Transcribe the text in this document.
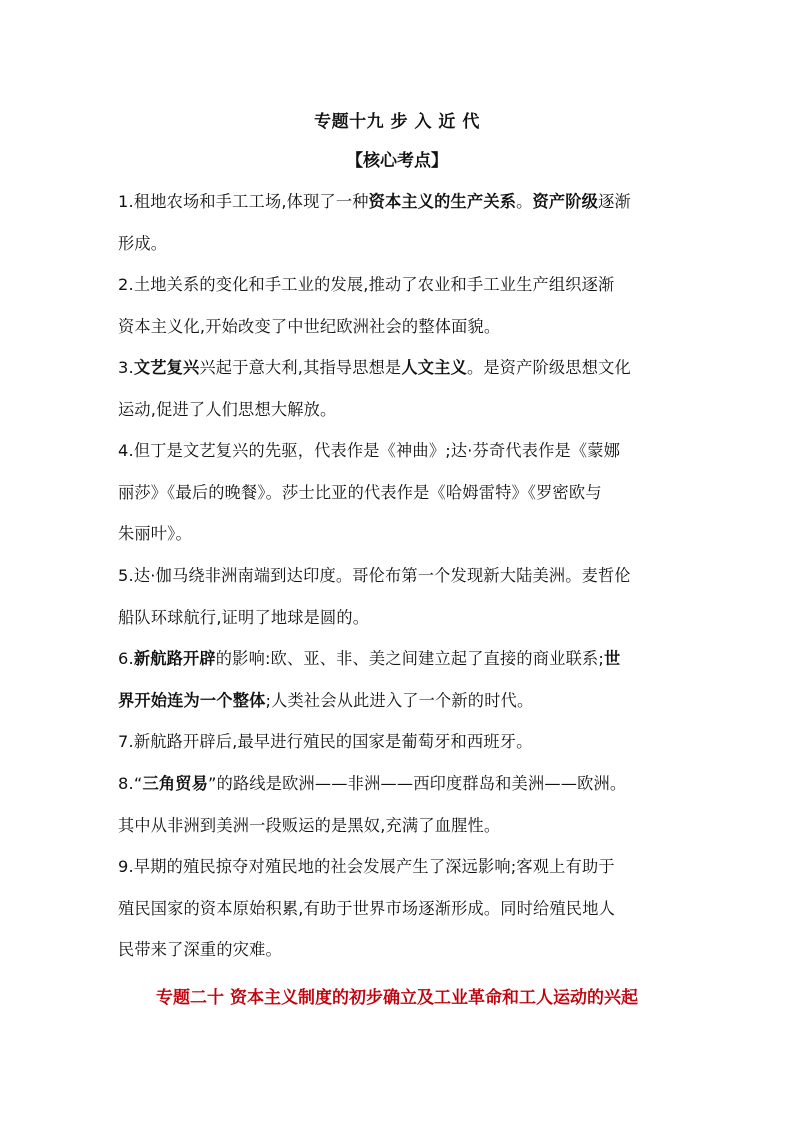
专题十九 步 入 近 代
【核心考点】
1.租地农场和手工工场,体现了一种资本主义的生产关系。资产阶级逐渐
形成。
2.土地关系的变化和手工业的发展,推动了农业和手工业生产组织逐渐
资本主义化,开始改变了中世纪欧洲社会的整体面貌。
3.文艺复兴兴起于意大利,其指导思想是人文主义。是资产阶级思想文化
运动,促进了人们思想大解放。
4.但丁是文艺复兴的先驱，代表作是《神曲》;达·芬奇代表作是《蒙娜
丽莎》《最后的晚餐》。莎士比亚的代表作是《哈姆雷特》《罗密欧与
朱丽叶》。
5.达·伽马绕非洲南端到达印度。哥伦布第一个发现新大陆美洲。麦哲伦
船队环球航行,证明了地球是圆的。
6.新航路开辟的影响:欧、亚、非、美之间建立起了直接的商业联系;世
界开始连为一个整体;人类社会从此进入了一个新的时代。
7.新航路开辟后,最早进行殖民的国家是葡萄牙和西班牙。
8.“三角贸易”的路线是欧洲——非洲——西印度群岛和美洲——欧洲。
其中从非洲到美洲一段贩运的是黑奴,充满了血腥性。
9.早期的殖民掠夺对殖民地的社会发展产生了深远影响;客观上有助于
殖民国家的资本原始积累,有助于世界市场逐渐形成。同时给殖民地人
民带来了深重的灾难。
专题二十 资本主义制度的初步确立及工业革命和工人运动的兴起
